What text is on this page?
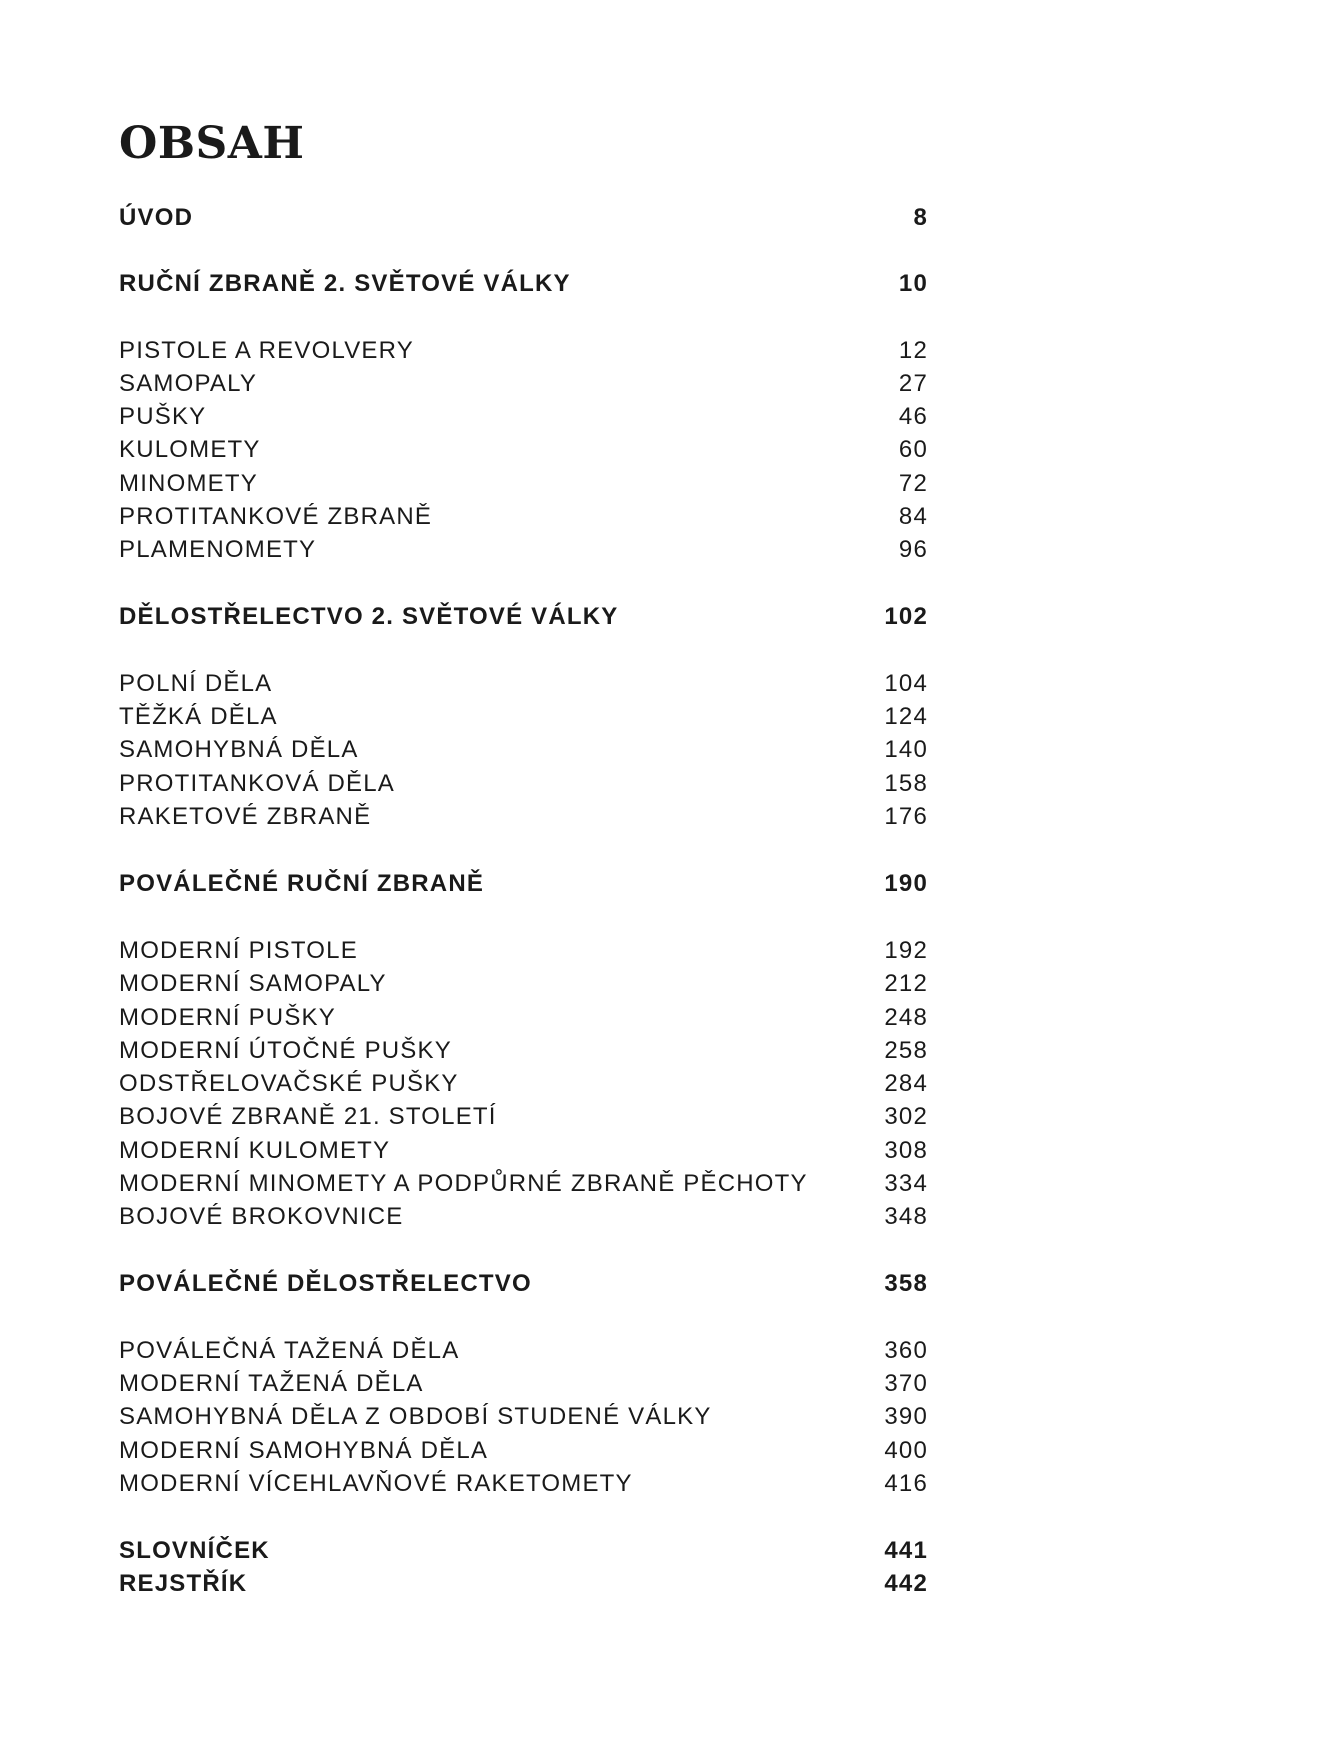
OBSAH
ÚVOD	8
RUČNÍ ZBRANĚ 2. SVĚTOVÉ VÁLKY	10
PISTOLE A REVOLVERY	12
SAMOPALY	27
PUŠKY	46
KULOMETY	60
MINOMETY	72
PROTITANKOVÉ ZBRANĚ	84
PLAMENOMETY	96
DĚLOSTŘELECTVO 2. SVĚTOVÉ VÁLKY	102
POLNÍ DĚLA	104
TĚŽKÁ DĚLA	124
SAMOHYBNÁ DĚLA	140
PROTITANKOVÁ DĚLA	158
RAKETOVÉ ZBRANĚ	176
POVÁLEČNÉ RUČNÍ ZBRANĚ	190
MODERNÍ PISTOLE	192
MODERNÍ SAMOPALY	212
MODERNÍ PUŠKY	248
MODERNÍ ÚTOČNÉ PUŠKY	258
ODSTŘELOVAČSKÉ PUŠKY	284
BOJOVÉ ZBRANĚ 21. STOLETÍ	302
MODERNÍ KULOMETY	308
MODERNÍ MINOMETY A PODPŮRNÉ ZBRANĚ PĚCHOTY	334
BOJOVÉ BROKOVNICE	348
POVÁLEČNÉ DĚLOSTŘELECTVO	358
POVÁLEČNÁ TAŽENÁ DĚLA	360
MODERNÍ TAŽENÁ DĚLA	370
SAMOHYBNÁ DĚLA Z OBDOBÍ STUDENÉ VÁLKY	390
MODERNÍ SAMOHYBNÁ DĚLA	400
MODERNÍ VÍCEHLAVŇOVÉ RAKETOMETY	416
SLOVNÍČEK	441
REJSTŘÍK	442
